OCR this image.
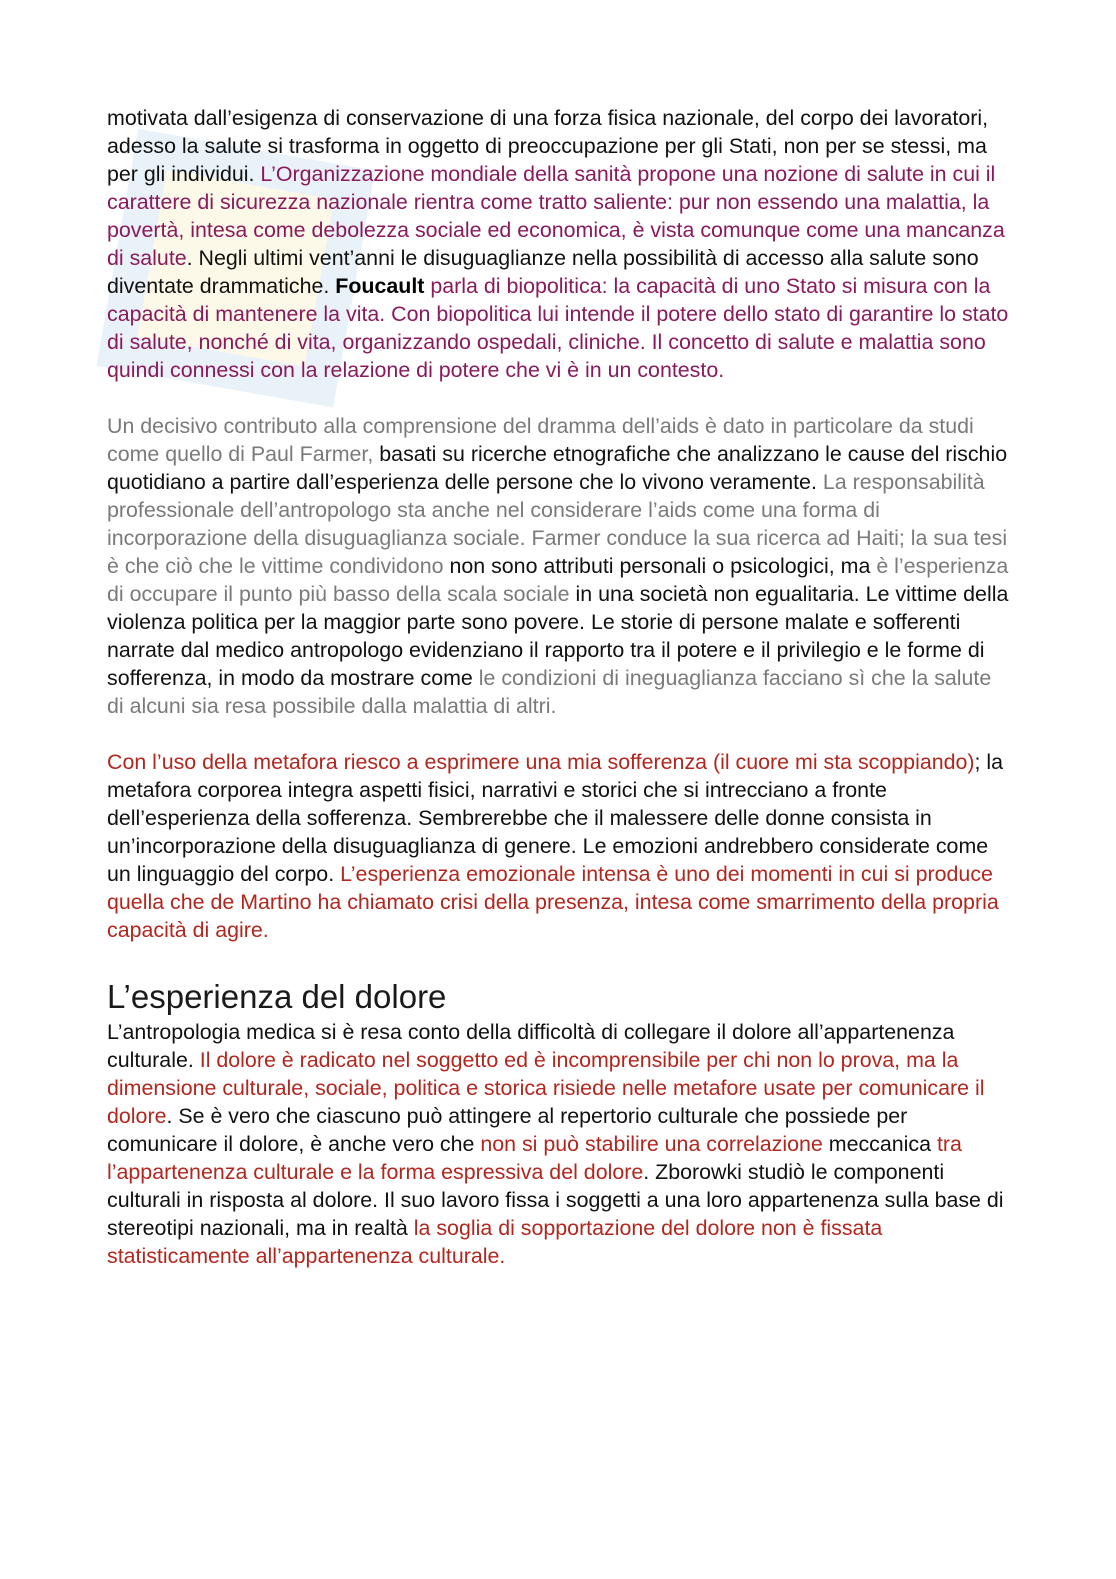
motivata dall’esigenza di conservazione di una forza fisica nazionale, del corpo dei lavoratori, adesso la salute si trasforma in oggetto di preoccupazione per gli Stati, non per se stessi, ma per gli individui. L’Organizzazione mondiale della sanità propone una nozione di salute in cui il carattere di sicurezza nazionale rientra come tratto saliente: pur non essendo una malattia, la povertà, intesa come debolezza sociale ed economica, è vista comunque come una mancanza di salute. Negli ultimi vent’anni le disuguaglianze nella possibilità di accesso alla salute sono diventate drammatiche. Foucault parla di biopolitica: la capacità di uno Stato si misura con la capacità di mantenere la vita. Con biopolitica lui intende il potere dello stato di garantire lo stato di salute, nonché di vita, organizzando ospedali, cliniche. Il concetto di salute e malattia sono quindi connessi con la relazione di potere che vi è in un contesto.

Un decisivo contributo alla comprensione del dramma dell’aids è dato in particolare da studi come quello di Paul Farmer, basati su ricerche etnografiche che analizzano le cause del rischio quotidiano a partire dall’esperienza delle persone che lo vivono veramente. La responsabilità professionale dell’antropologo sta anche nel considerare l’aids come una forma di incorporazione della disuguaglianza sociale. Farmer conduce la sua ricerca ad Haiti; la sua tesi è che ciò che le vittime condividono non sono attributi personali o psicologici, ma è l’esperienza di occupare il punto più basso della scala sociale in una società non egualitaria. Le vittime della violenza politica per la maggior parte sono povere. Le storie di persone malate e sofferenti narrate dal medico antropologo evidenziano il rapporto tra il potere e il privilegio e le forme di sofferenza, in modo da mostrare come le condizioni di ineguaglianza facciano sì che la salute di alcuni sia resa possibile dalla malattia di altri.

Con l’uso della metafora riesco a esprimere una mia sofferenza (il cuore mi sta scoppiando); la metafora corporea integra aspetti fisici, narrativi e storici che si intrecciano a fronte dell’esperienza della sofferenza. Sembrerebbe che il malessere delle donne consista in un’incorporazione della disuguaglianza di genere. Le emozioni andrebbero considerate come un linguaggio del corpo. L’esperienza emozionale intensa è uno dei momenti in cui si produce quella che de Martino ha chiamato crisi della presenza, intesa come smarrimento della propria capacità di agire.

L’esperienza del dolore

L’antropologia medica si è resa conto della difficoltà di collegare il dolore all’appartenenza culturale. Il dolore è radicato nel soggetto ed è incomprensibile per chi non lo prova, ma la dimensione culturale, sociale, politica e storica risiede nelle metafore usate per comunicare il dolore. Se è vero che ciascuno può attingere al repertorio culturale che possiede per comunicare il dolore, è anche vero che non si può stabilire una correlazione meccanica tra l’appartenenza culturale e la forma espressiva del dolore. Zborowki studiò le componenti culturali in risposta al dolore. Il suo lavoro fissa i soggetti a una loro appartenenza sulla base di stereotipi nazionali, ma in realtà la soglia di sopportazione del dolore non è fissata statisticamente all’appartenenza culturale.
